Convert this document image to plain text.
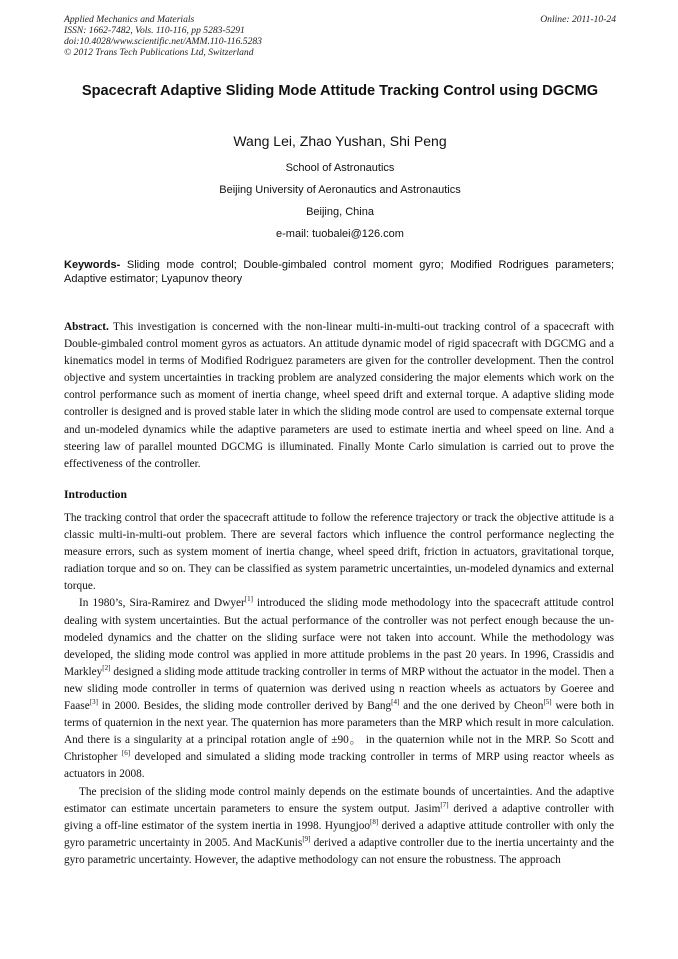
Applied Mechanics and Materials
ISSN: 1662-7482, Vols. 110-116, pp 5283-5291
doi:10.4028/www.scientific.net/AMM.110-116.5283
© 2012 Trans Tech Publications Ltd, Switzerland
Online: 2011-10-24
Spacecraft Adaptive Sliding Mode Attitude Tracking Control using DGCMG
Wang Lei, Zhao Yushan, Shi Peng
School of Astronautics
Beijing University of Aeronautics and Astronautics
Beijing, China
e-mail: tuobalei@126.com
Keywords- Sliding mode control; Double-gimbaled control moment gyro; Modified Rodrigues parameters; Adaptive estimator; Lyapunov theory
Abstract. This investigation is concerned with the non-linear multi-in-multi-out tracking control of a spacecraft with Double-gimbaled control moment gyros as actuators. An attitude dynamic model of rigid spacecraft with DGCMG and a kinematics model in terms of Modified Rodriguez parameters are given for the controller development. Then the control objective and system uncertainties in tracking problem are analyzed considering the major elements which work on the control performance such as moment of inertia change, wheel speed drift and external torque. A adaptive sliding mode controller is designed and is proved stable later in which the sliding mode control are used to compensate external torque and un-modeled dynamics while the adaptive parameters are used to estimate inertia and wheel speed on line. And a steering law of parallel mounted DGCMG is illuminated. Finally Monte Carlo simulation is carried out to prove the effectiveness of the controller.
Introduction

The tracking control that order the spacecraft attitude to follow the reference trajectory or track the objective attitude is a classic multi-in-multi-out problem. There are several factors which influence the control performance neglecting the measure errors, such as system moment of inertia change, wheel speed drift, friction in actuators, gravitational torque, radiation torque and so on. They can be classified as system parametric uncertainties, un-modeled dynamics and external torque.

In 1980’s, Sira-Ramirez and Dwyer[1] introduced the sliding mode methodology into the spacecraft attitude control dealing with system uncertainties. But the actual performance of the controller was not perfect enough because the un-modeled dynamics and the chatter on the sliding surface were not taken into account. While the methodology was developed, the sliding mode control was applied in more attitude problems in the past 20 years. In 1996, Crassidis and Markley[2] designed a sliding mode attitude tracking controller in terms of MRP without the actuator in the model. Then a new sliding mode controller in terms of quaternion was derived using n reaction wheels as actuators by Goeree and Faase[3] in 2000. Besides, the sliding mode controller derived by Bang[4] and the one derived by Cheon[5] were both in terms of quaternion in the next year. The quaternion has more parameters than the MRP which result in more calculation. And there is a singularity at a principal rotation angle of ±90。 in the quaternion while not in the MRP. So Scott and Christopher [6] developed and simulated a sliding mode tracking controller in terms of MRP using reactor wheels as actuators in 2008.

The precision of the sliding mode control mainly depends on the estimate bounds of uncertainties. And the adaptive estimator can estimate uncertain parameters to ensure the system output. Jasim[7] derived a adaptive controller with giving a off-line estimator of the system inertia in 1998. Hyungjoo[8] derived a adaptive attitude controller with only the gyro parametric uncertainty in 2005. And MacKunis[9] derived a adaptive controller due to the inertia uncertainty and the gyro parametric uncertainty. However, the adaptive methodology can not ensure the robustness. The approach
